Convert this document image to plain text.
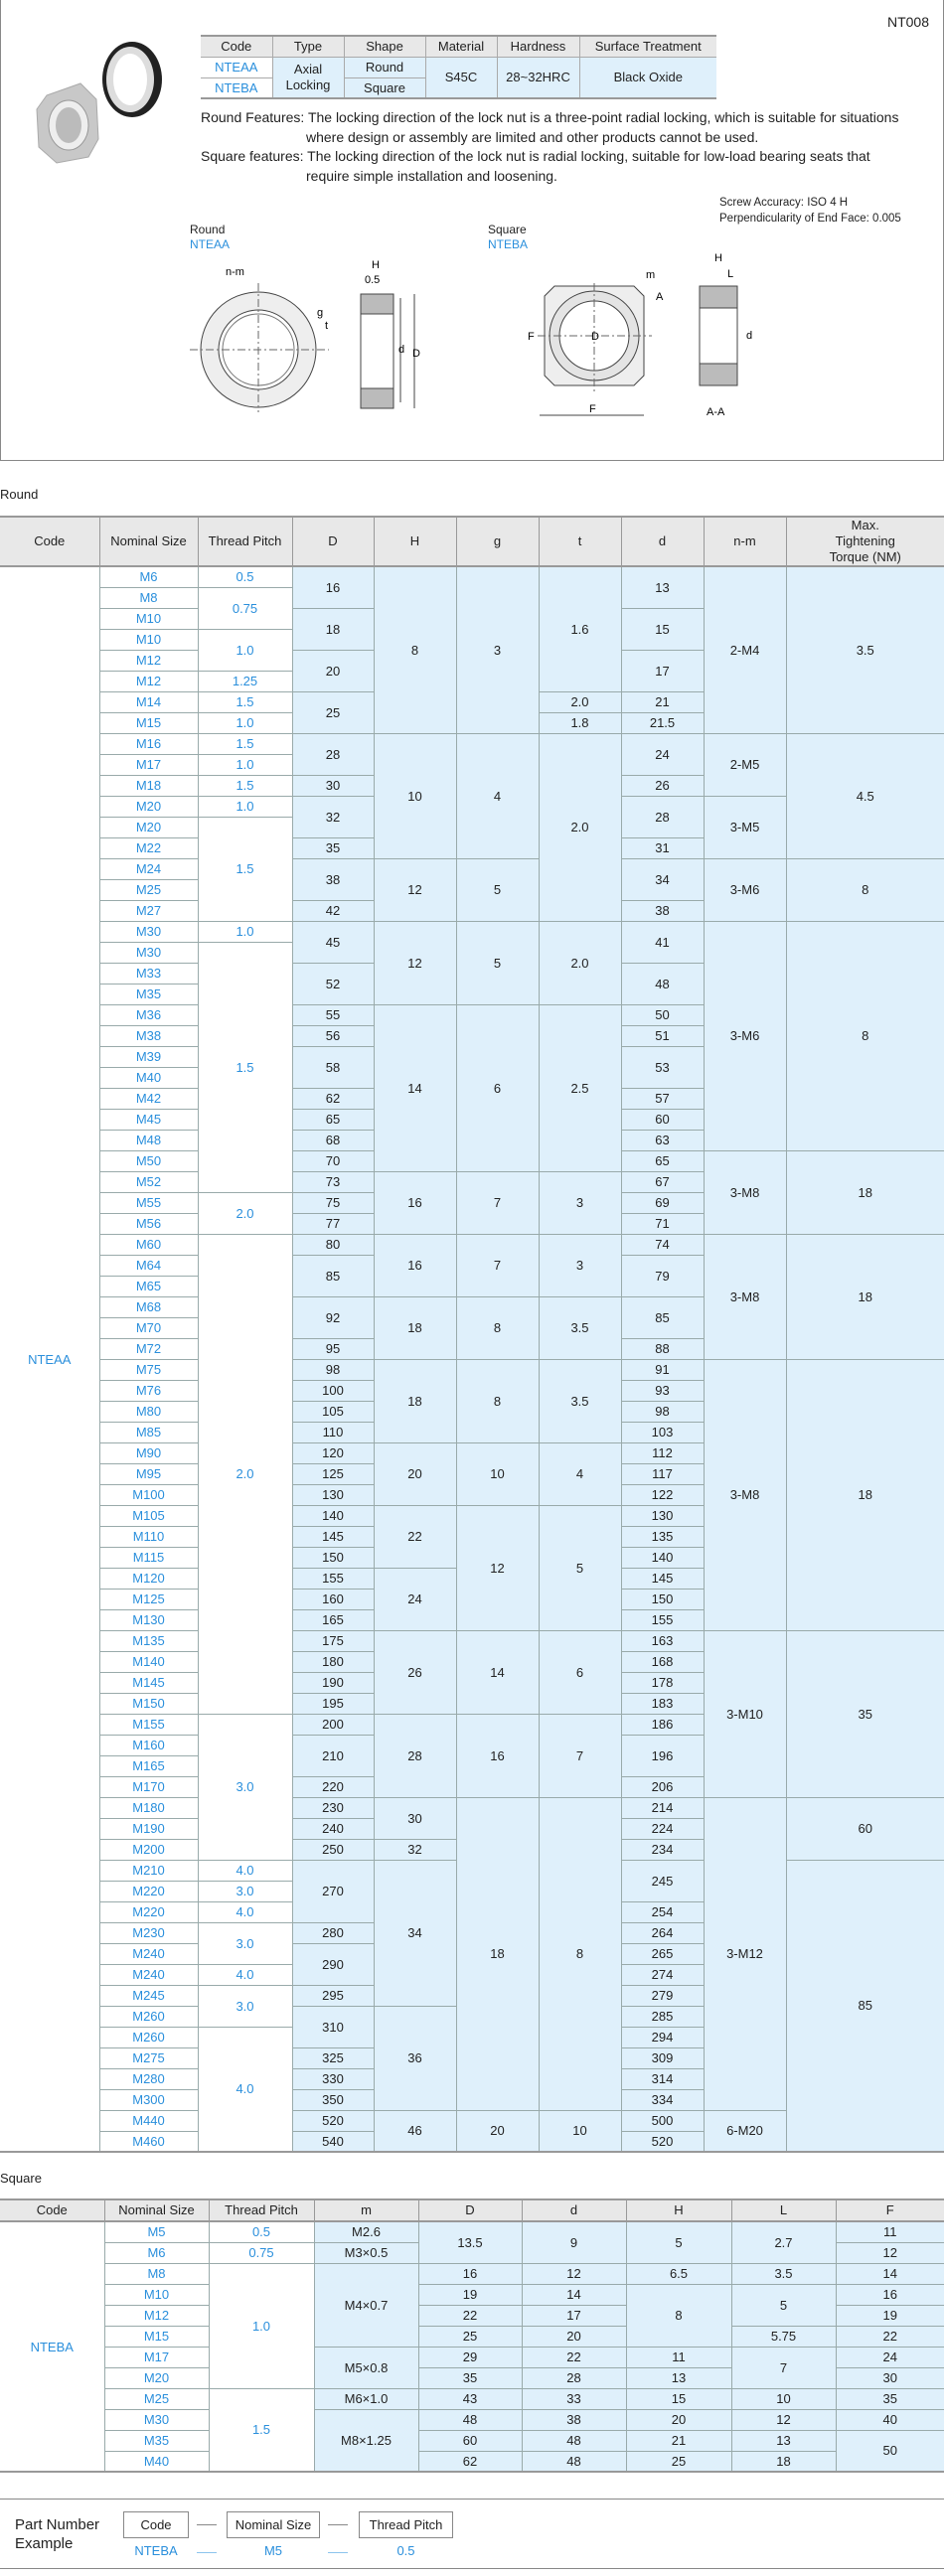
NT008
Code	Type	Shape	Material	Hardness	Surface Treatment
NTEAA	Axial Locking	Round	S45C	28~32HRC	Black Oxide
NTEBA		Square			
Round Features: The locking direction of the lock nut is a three-point radial locking, which is suitable for situations
where design or assembly are limited and other products cannot be used.
Square features: The locking direction of the lock nut is radial locking, suitable for low-load bearing seats that
require simple installation and loosening.
Screw Accuracy: ISO 4 H
Perpendicularity of End Face: 0.005
Round
NTEAA
Square
NTEBA
n-m
g
t
H
0.5
d D
m
A
F	D
F
H
L
d
A-A
Round
Code	Nominal Size	Thread Pitch	D	H	g	t	d	n-m	Max. Tightening Torque (NM)
NTEAA	M6	0.5	16	8	3	1.6	13	2-M4	3.5
	M8	0.75							
	M10		18				15		
	M10	1.0							
	M12		20				17		
	M12	1.25							
	M14	1.5	25			2.0	21		
	M15	1.0				1.8	21.5		
	M16	1.5	28	10	4	2.0	24	2-M5	4.5
	M17	1.0							
	M18	1.5	30				26		
	M20	1.0	32				28	3-M5	
	M20	1.5							
	M22		35				31		
	M24		38	12	5		34	3-M6	8
	M25								
	M27		42				38		
	M30	1.0	45	12	5	2.0	41	3-M6	8
	M30	1.5							
	M33		52				48		
	M35								
	M36		55	14	6	2.5	50		
	M38		56				51		
	M39		58				53		
	M40								
	M42		62				57		
	M45		65				60		
	M48		68				63		
	M50		70				65	3-M8	18
	M52		73	16	7	3	67		
	M55	2.0	75				69		
	M56		77				71		
	M60	2.0	80	16	7	3	74	3-M8	18
	M64		85				79		
	M65								
	M68		92	18	8	3.5	85		
	M70								
	M72		95				88		
	M75		98	18	8	3.5	91	3-M8	18
	M76		100				93		
	M80		105				98		
	M85		110				103		
	M90		120	20	10	4	112		
	M95		125				117		
	M100		130				122		
	M105		140	22	12	5	130		
	M110		145				135		
	M115		150				140		
	M120		155	24			145		
	M125		160				150		
	M130		165				155		
	M135		175	26	14	6	163	3-M10	35
	M140		180				168		
	M145		190				178		
	M150		195				183		
	M155	3.0	200	28	16	7	186		
	M160		210				196		
	M165								
	M170		220				206		
	M180		230	30	18	8	214	3-M12	60
	M190		240				224		
	M200		250	32			234		
	M210	4.0	270	34			245		85
	M220	3.0							
	M220	4.0					254		
	M230	3.0	280				264		
	M240		290				265		
	M240	4.0					274		
	M245	3.0	295				279		
	M260		310	36			285		
	M260	4.0					294		
	M275		325				309		
	M280		330				314		
	M300		350				334		
	M440		520	46	20	10	500	6-M20	
	M460		540				520		
Square
Code	Nominal Size	Thread Pitch	m	D	d	H	L	F
NTEBA	M5	0.5	M2.6	13.5	9	5	2.7	11
	M6	0.75	M3×0.5					12
	M8	1.0	M4×0.7	16	12	6.5	3.5	14
	M10			19	14	8	5	16
	M12			22	17			19
	M15			25	20		5.75	22
	M17		M5×0.8	29	22	11	7	24
	M20			35	28	13		30
	M25	1.5	M6×1.0	43	33	15	10	35
	M30		M8×1.25	48	38	20	12	40
	M35			60	48	21	13	50
	M40			62	48	25	18	
Part Number
Example
Code	Nominal Size	Thread Pitch
NTEBA	M5	0.5
